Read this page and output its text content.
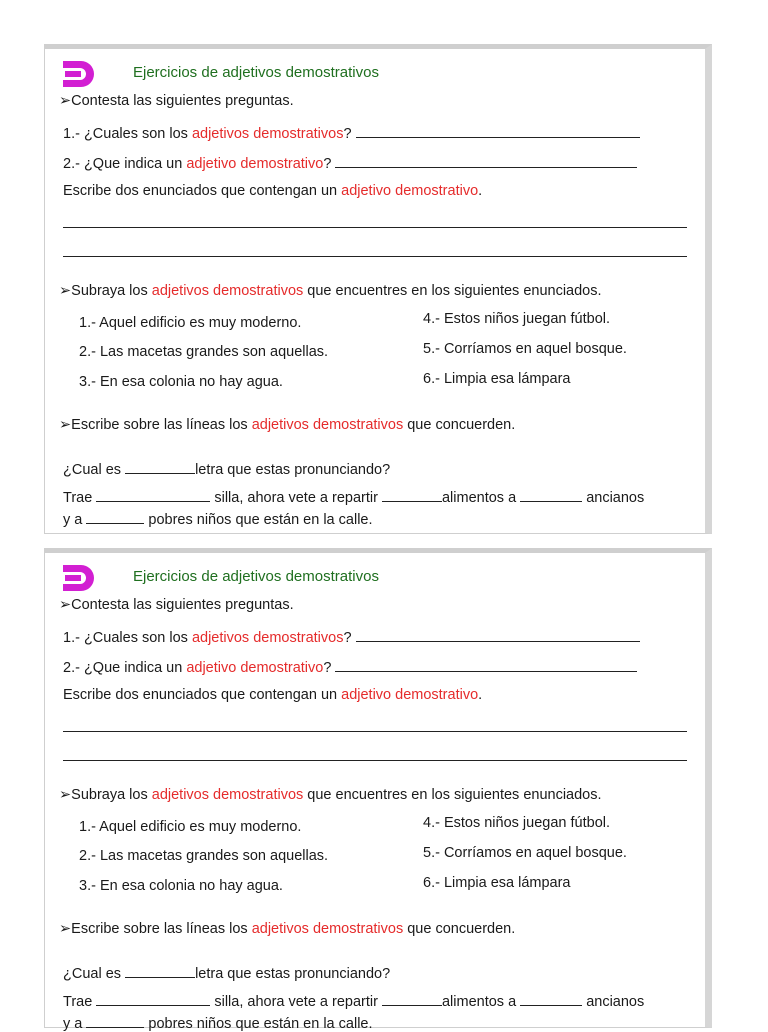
Ejercicios de adjetivos demostrativos
➢Contesta las siguientes preguntas.
1.- ¿Cuales son los adjetivos demostrativos?
2.- ¿Que indica un adjetivo demostrativo?
Escribe dos enunciados que contengan un adjetivo demostrativo.
➢Subraya los adjetivos demostrativos que encuentres en los siguientes enunciados.
1.- Aquel edificio es muy moderno.
2.- Las macetas grandes son aquellas.
3.- En esa colonia no hay agua.
4.- Estos niños juegan fútbol.
5.- Corríamos en aquel bosque.
6.- Limpia esa lámpara
➢Escribe sobre las líneas los adjetivos demostrativos que concuerden.
¿Cual es	letra que estas pronunciando?
Trae	silla, ahora vete a repartir	alimentos a	ancianos
y a	pobres niños que están en la calle.
Ejercicios de adjetivos demostrativos
➢Contesta las siguientes preguntas.
1.- ¿Cuales son los adjetivos demostrativos?
2.- ¿Que indica un adjetivo demostrativo?
Escribe dos enunciados que contengan un adjetivo demostrativo.
➢Subraya los adjetivos demostrativos que encuentres en los siguientes enunciados.
1.- Aquel edificio es muy moderno.
2.- Las macetas grandes son aquellas.
3.- En esa colonia no hay agua.
4.- Estos niños juegan fútbol.
5.- Corríamos en aquel bosque.
6.- Limpia esa lámpara
➢Escribe sobre las líneas los adjetivos demostrativos que concuerden.
¿Cual es	letra que estas pronunciando?
Trae	silla, ahora vete a repartir	alimentos a	ancianos
y a	pobres niños que están en la calle.
